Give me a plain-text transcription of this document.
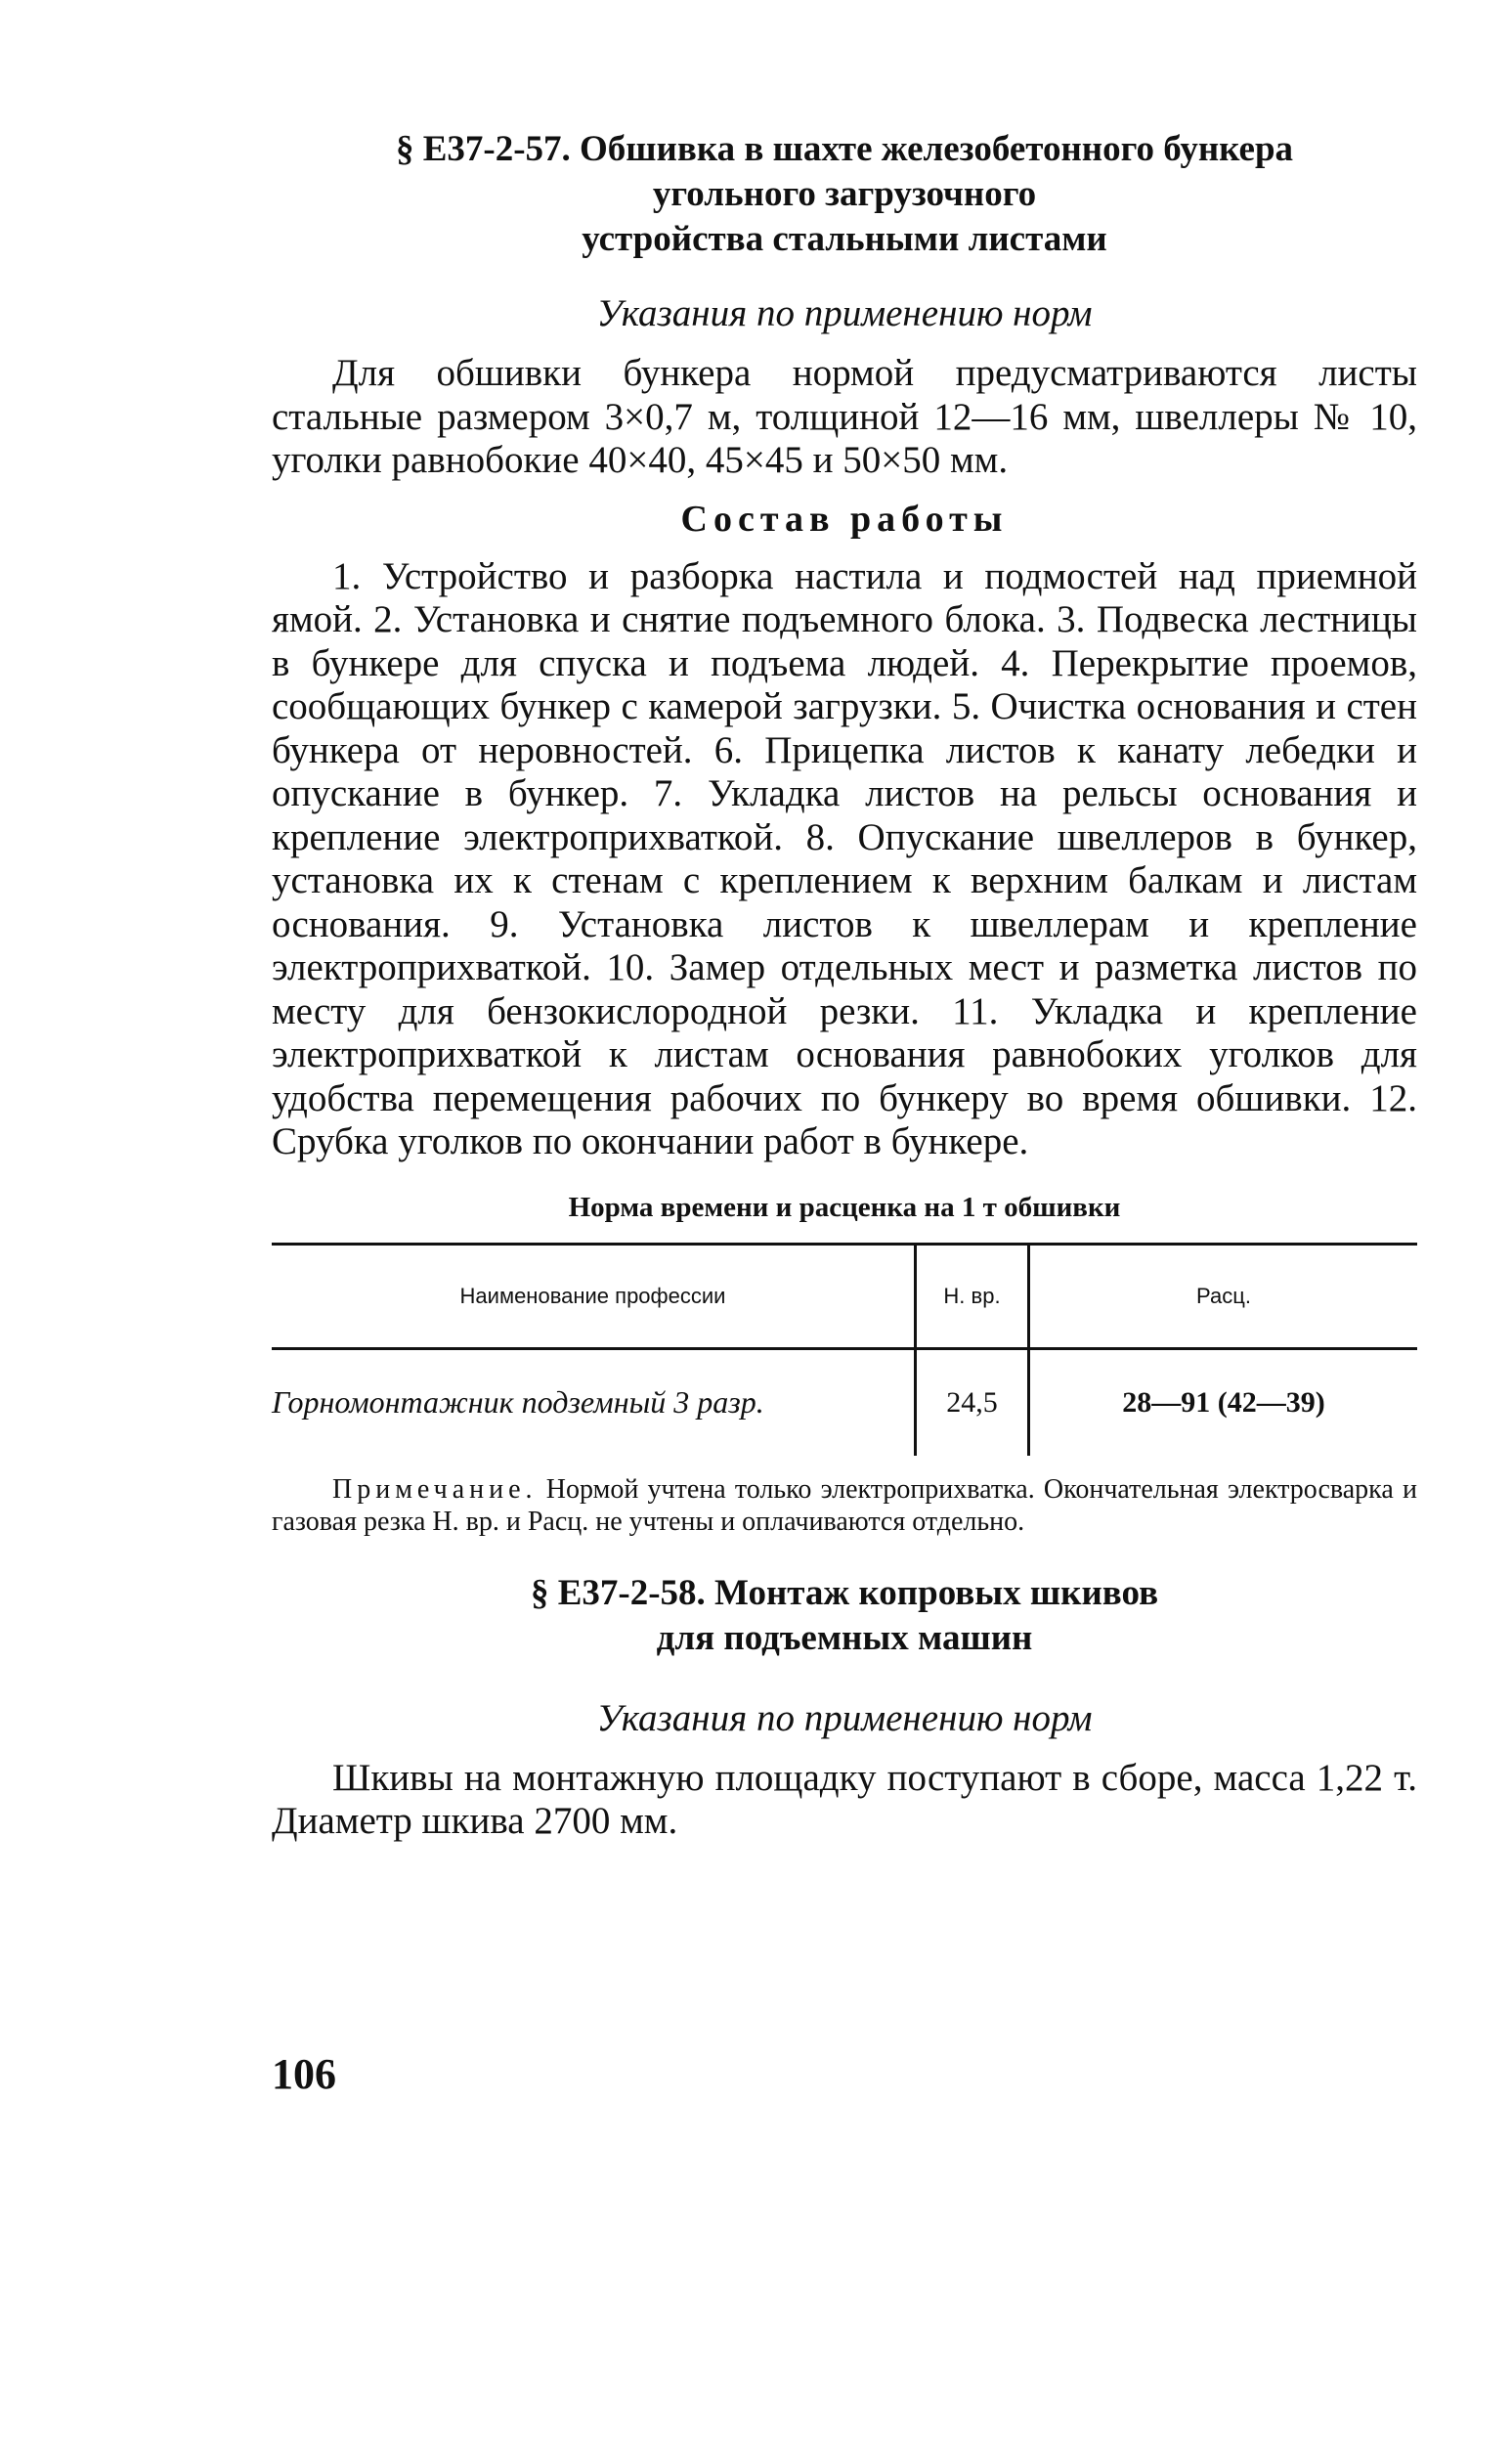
§ Е37-2-57. Обшивка в шахте железобетонного бункера
угольного загрузочного
устройства стальными листами

Указания по применению норм

Для обшивки бункера нормой предусматриваются листы стальные размером 3×0,7 м, толщиной 12—16 мм, швеллеры № 10, уголки равнобокие 40×40, 45×45 и 50×50 мм.

Состав работы

1. Устройство и разборка настила и подмостей над приемной ямой. 2. Установка и снятие подъемного блока. 3. Подвеска лестницы в бункере для спуска и подъема людей. 4. Перекрытие проемов, сообщающих бункер с камерой загрузки. 5. Очистка основания и стен бункера от неровностей. 6. Прицепка листов к канату лебедки и опускание в бункер. 7. Укладка листов на рельсы основания и крепление электроприхваткой. 8. Опускание швеллеров в бункер, установка их к стенам с креплением к верхним балкам и листам основания. 9. Установка листов к швеллерам и крепление электроприхваткой. 10. Замер отдельных мест и разметка листов по месту для бензокислородной резки. 11. Укладка и крепление электроприхваткой к листам основания равнобоких уголков для удобства перемещения рабочих по бункеру во время обшивки. 12. Срубка уголков по окончании работ в бункере.

Норма времени и расценка на 1 т обшивки

Наименование профессии	Н. вр.	Расц.
Горномонтажник подземный 3 разр.	24,5	28—91 (42—39)

Примечание. Нормой учтена только электроприхватка. Окончательная электросварка и газовая резка Н. вр. и Расц. не учтены и оплачиваются отдельно.

§ Е37-2-58. Монтаж копровых шкивов
для подъемных машин

Указания по применению норм

Шкивы на монтажную площадку поступают в сборе, масса 1,22 т. Диаметр шкива 2700 мм.

106
